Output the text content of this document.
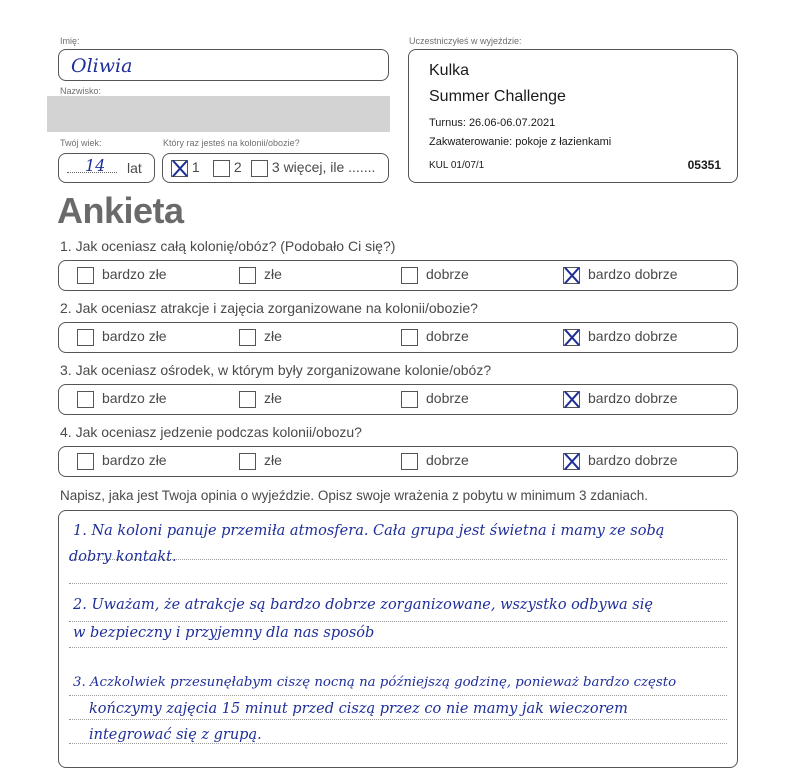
Imię:
Oliwia
Nazwisko:
Twój wiek:
14 lat
Który raz jesteś na kolonii/obozie?
1	2	3 więcej, ile .......
Uczestniczyłeś w wyjeździe:
Kulka
Summer Challenge
Turnus: 26.06-06.07.2021
Zakwaterowanie: pokoje z łazienkami
KUL 01/07/1	05351
Ankieta
1. Jak oceniasz całą kolonię/obóz? (Podobało Ci się?)
bardzo złe	złe	dobrze	bardzo dobrze
2. Jak oceniasz atrakcje i zajęcia zorganizowane na kolonii/obozie?
bardzo złe	złe	dobrze	bardzo dobrze
3. Jak oceniasz ośrodek, w którym były zorganizowane kolonie/obóz?
bardzo złe	złe	dobrze	bardzo dobrze
4. Jak oceniasz jedzenie podczas kolonii/obozu?
bardzo złe	złe	dobrze	bardzo dobrze
Napisz, jaka jest Twoja opinia o wyjeździe. Opisz swoje wrażenia z pobytu w minimum 3 zdaniach.
1. Na koloni panuje przemiła atmosfera. Cała grupa jest świetna i mamy ze sobą
dobry kontakt.
2. Uważam, że atrakcje są bardzo dobrze zorganizowane, wszystko odbywa się
w bezpieczny i przyjemny dla nas sposób
3. Aczkolwiek przesunęłabym ciszę nocną na późniejszą godzinę, ponieważ bardzo często
kończymy zajęcia 15 minut przed ciszą przez co nie mamy jak wieczorem
integrować się z grupą.
